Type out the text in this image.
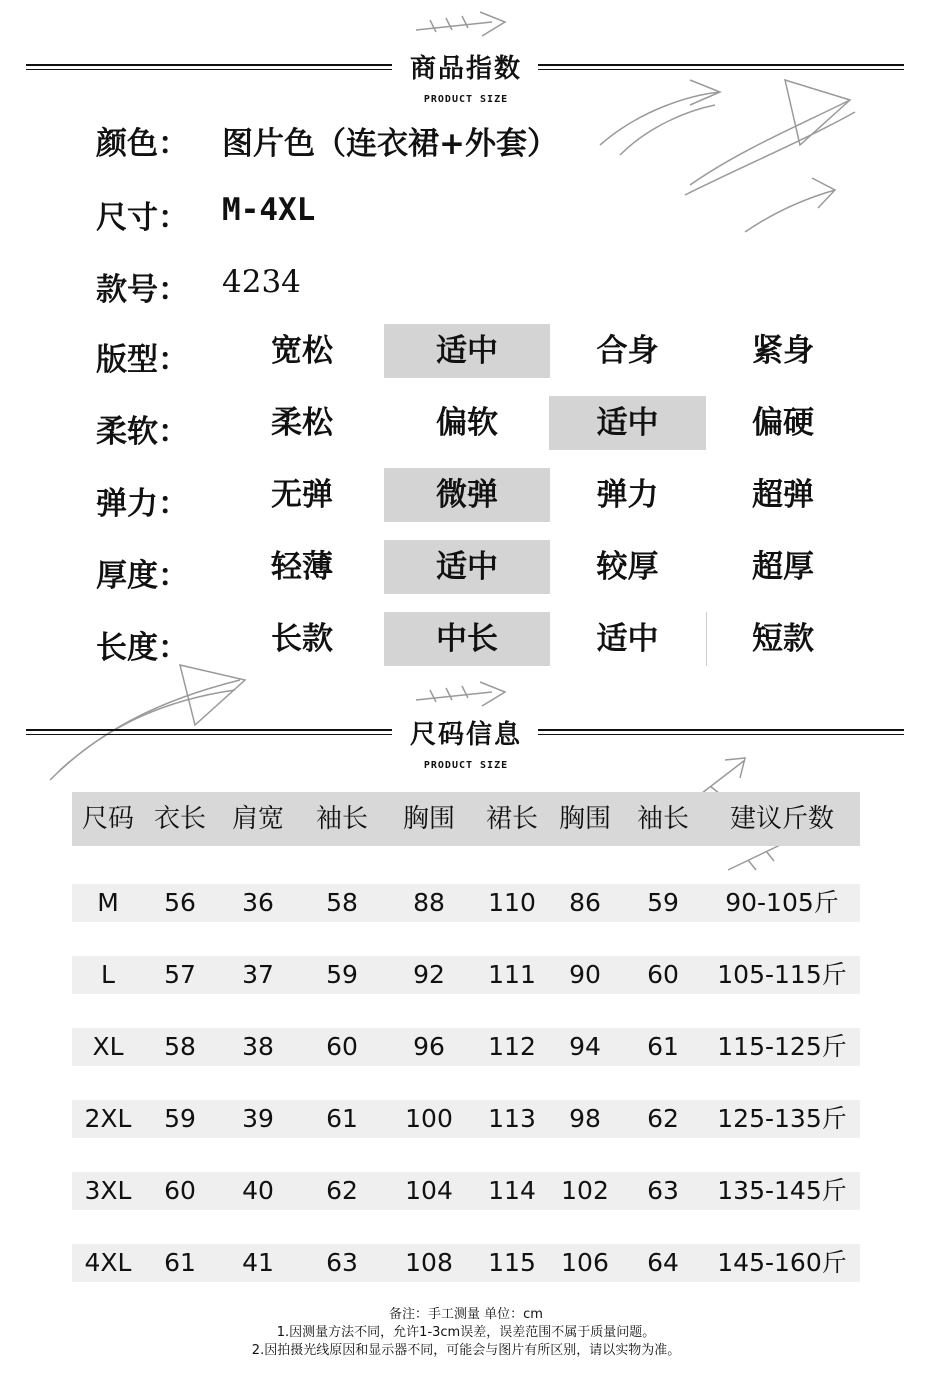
商品指数
PRODUCT SIZE
颜色： 图片色（连衣裙+外套）
尺寸： M-4XL
款号： 4234
版型：	宽松	适中	合身	紧身
柔软：	柔松	偏软	适中	偏硬
弹力：	无弹	微弹	弹力	超弹
厚度：	轻薄	适中	较厚	超厚
长度：	长款	中长	适中	短款
尺码信息
PRODUCT SIZE
尺码 衣长 肩宽 袖长 胸围 裙长 胸围 袖长 建议斤数
M 56 36 58 88 110 86 59 90-105斤
L 57 37 59 92 111 90 60 105-115斤
XL 58 38 60 96 112 94 61 115-125斤
2XL 59 39 61 100 113 98 62 125-135斤
3XL 60 40 62 104 114 102 63 135-145斤
4XL 61 41 63 108 115 106 64 145-160斤
备注：手工测量 单位：cm
1.因测量方法不同，允许1-3cm误差，误差范围不属于质量问题。
2.因拍摄光线原因和显示器不同，可能会与图片有所区别，请以实物为准。
